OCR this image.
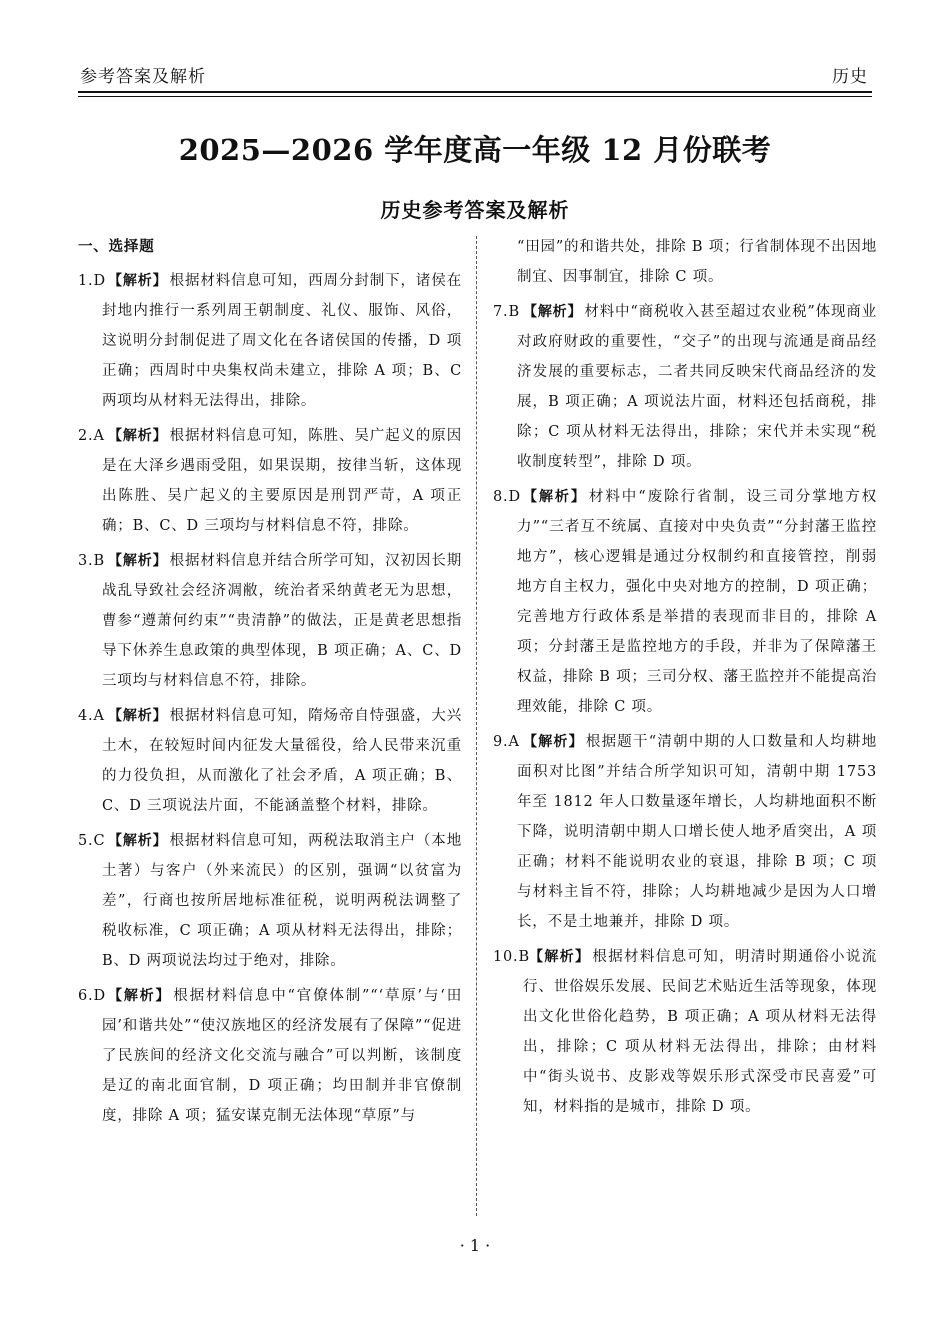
参考答案及解析	历史
2025—2026 学年度高一年级 12 月份联考
历史参考答案及解析

一、选择题

1.D 【解析】 根据材料信息可知，西周分封制下，诸侯在封地内推行一系列周王朝制度、礼仪、服饰、风俗，这说明分封制促进了周文化在各诸侯国的传播，D 项正确；西周时中央集权尚未建立，排除 A 项；B、C 两项均从材料无法得出，排除。
2.A 【解析】 根据材料信息可知，陈胜、吴广起义的原因是在大泽乡遇雨受阻，如果误期，按律当斩，这体现出陈胜、吴广起义的主要原因是刑罚严苛，A 项正确；B、C、D 三项均与材料信息不符，排除。
3.B 【解析】 根据材料信息并结合所学可知，汉初因长期战乱导致社会经济凋敝，统治者采纳黄老无为思想，曹参“遵萧何约束”“贵清静”的做法，正是黄老思想指导下休养生息政策的典型体现，B 项正确；A、C、D 三项均与材料信息不符，排除。
4.A 【解析】 根据材料信息可知，隋炀帝自恃强盛，大兴土木，在较短时间内征发大量徭役，给人民带来沉重的力役负担，从而激化了社会矛盾，A 项正确；B、C、D 三项说法片面，不能涵盖整个材料，排除。
5.C 【解析】 根据材料信息可知，两税法取消主户（本地土著）与客户（外来流民）的区别，强调“以贫富为差”，行商也按所居地标准征税，说明两税法调整了税收标准，C 项正确；A 项从材料无法得出，排除；B、D 两项说法均过于绝对，排除。
6.D 【解析】 根据材料信息中“官僚体制”“‘草原’与‘田园’和谐共处”“使汉族地区的经济发展有了保障”“促进了民族间的经济文化交流与融合”可以判断，该制度是辽的南北面官制，D 项正确；均田制并非官僚制度，排除 A 项；猛安谋克制无法体现“草原”与

“田园”的和谐共处，排除 B 项；行省制体现不出因地制宜、因事制宜，排除 C 项。

7.B 【解析】 材料中“商税收入甚至超过农业税”体现商业对政府财政的重要性，“交子”的出现与流通是商品经济发展的重要标志，二者共同反映宋代商品经济的发展，B 项正确；A 项说法片面，材料还包括商税，排除；C 项从材料无法得出，排除；宋代并未实现“税收制度转型”，排除 D 项。
8.D 【解析】 材料中“废除行省制，设三司分掌地方权力”“三者互不统属、直接对中央负责”“分封藩王监控地方”，核心逻辑是通过分权制约和直接管控，削弱地方自主权力，强化中央对地方的控制，D 项正确；完善地方行政体系是举措的表现而非目的，排除 A 项；分封藩王是监控地方的手段，并非为了保障藩王权益，排除 B 项；三司分权、藩王监控并不能提高治理效能，排除 C 项。
9.A 【解析】 根据题干“清朝中期的人口数量和人均耕地面积对比图”并结合所学知识可知，清朝中期 1753 年至 1812 年人口数量逐年增长，人均耕地面积不断下降，说明清朝中期人口增长使人地矛盾突出，A 项正确；材料不能说明农业的衰退，排除 B 项；C 项与材料主旨不符，排除；人均耕地减少是因为人口增长，不是土地兼并，排除 D 项。
10.B 【解析】 根据材料信息可知，明清时期通俗小说流行、世俗娱乐发展、民间艺术贴近生活等现象，体现出文化世俗化趋势，B 项正确；A 项从材料无法得出，排除；C 项从材料无法得出，排除；由材料中“街头说书、皮影戏等娱乐形式深受市民喜爱”可知，材料指的是城市，排除 D 项。
· 1 ·
